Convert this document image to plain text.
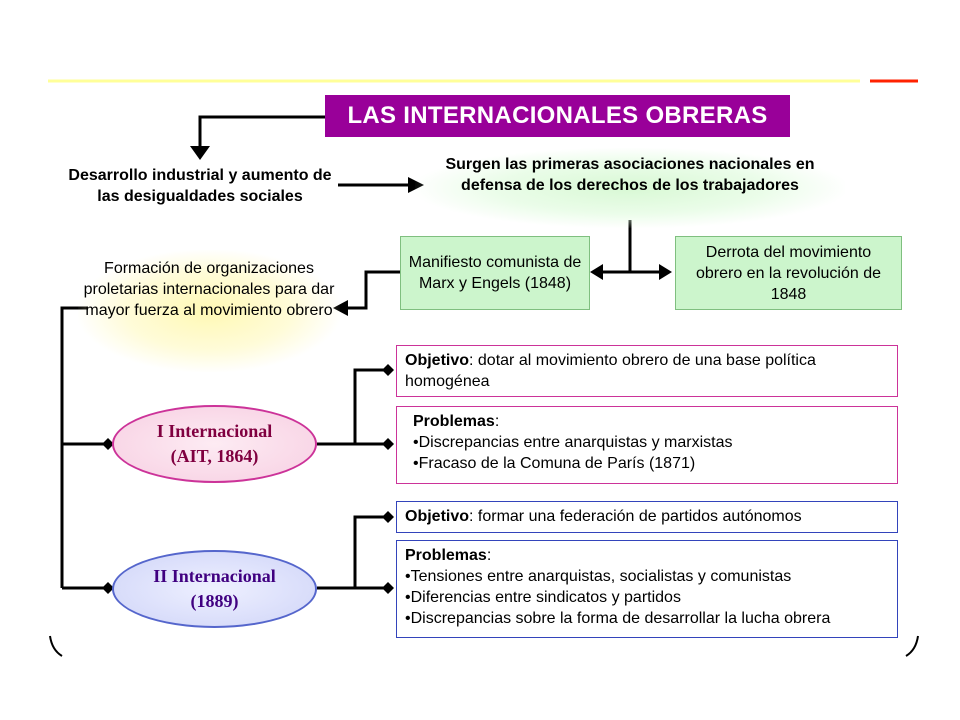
LAS INTERNACIONALES OBRERAS
Desarrollo industrial y aumento de las desigualdades sociales
Surgen las primeras asociaciones nacionales en defensa de los derechos de los trabajadores
Manifiesto comunista de Marx y Engels (1848)
Derrota del movimiento obrero en la revolución de 1848
Formación de organizaciones proletarias internacionales para dar mayor fuerza al movimiento obrero
I Internacional
(AIT, 1864)
Objetivo: dotar al movimiento obrero de una base política homogénea
Problemas:
•Discrepancias entre anarquistas y marxistas
•Fracaso de la Comuna de París (1871)
II Internacional
(1889)
Objetivo: formar una federación de partidos autónomos
Problemas:
•Tensiones entre anarquistas, socialistas y comunistas
•Diferencias entre sindicatos y partidos
•Discrepancias sobre la forma de desarrollar la lucha obrera
